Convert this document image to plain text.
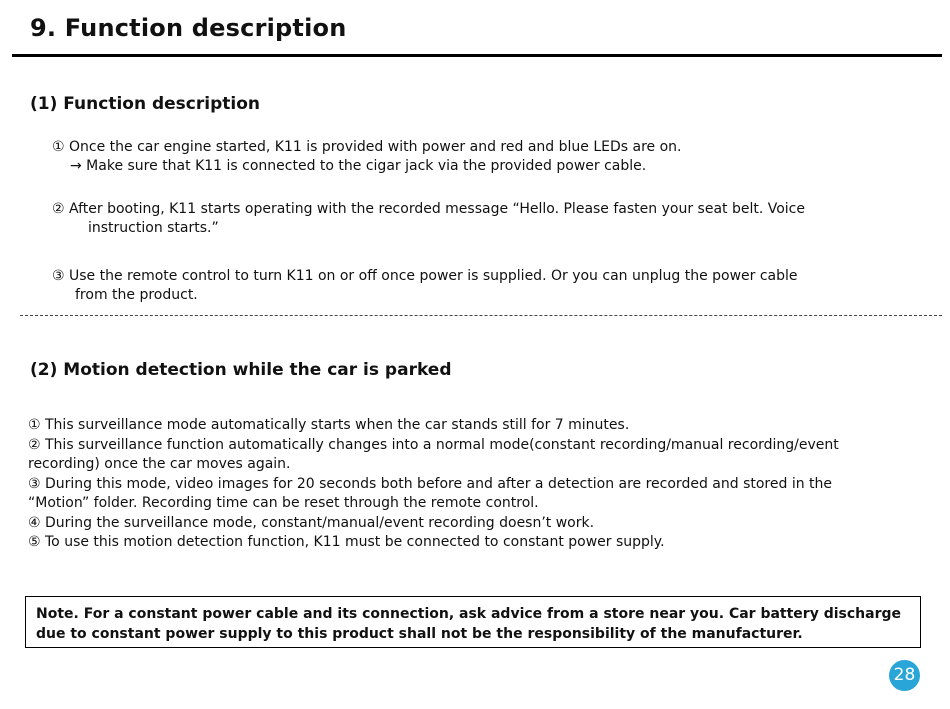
9. Function description
(1) Function description
① Once the car engine started, K11 is provided with power and red and blue LEDs are on.
→ Make sure that K11 is connected to the cigar jack via the provided power cable.
② After booting, K11 starts operating with the recorded message “Hello. Please fasten your seat belt. Voice
instruction starts.”
③ Use the remote control to turn K11 on or off once power is supplied. Or you can unplug the power cable
from the product.
(2) Motion detection while the car is parked
① This surveillance mode automatically starts when the car stands still for 7 minutes.
② This surveillance function automatically changes into a normal mode(constant recording/manual recording/event recording) once the car moves again.
③ During this mode, video images for 20 seconds both before and after a detection are recorded and stored in the “Motion” folder. Recording time can be reset through the remote control.
④ During the surveillance mode, constant/manual/event recording doesn’t work.
⑤ To use this motion detection function, K11 must be connected to constant power supply.
Note. For a constant power cable and its connection, ask advice from a store near you. Car battery discharge due to constant power supply to this product shall not be the responsibility of the manufacturer.
28
